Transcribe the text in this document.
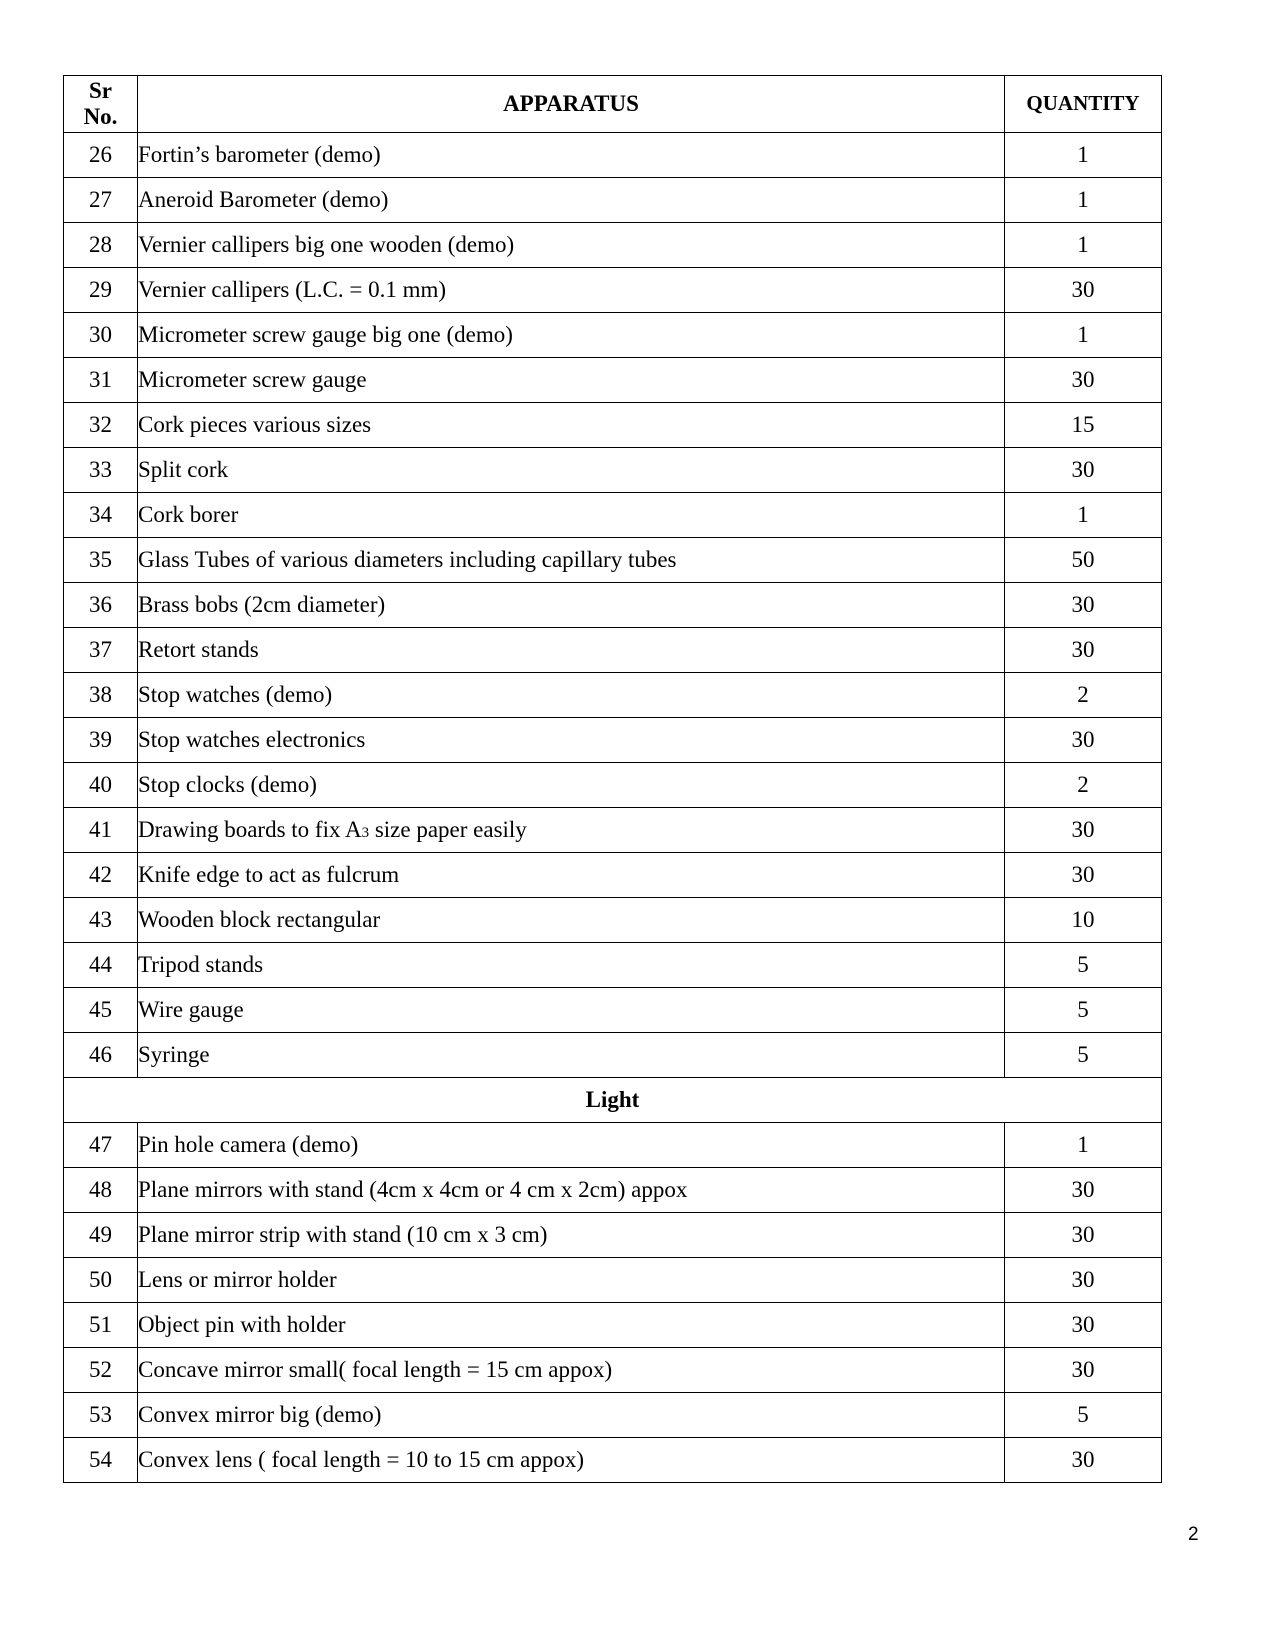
Sr
No.	APPARATUS	QUANTITY
26	Fortin’s barometer (demo)	1
27	Aneroid Barometer (demo)	1
28	Vernier callipers big one wooden (demo)	1
29	Vernier callipers (L.C. = 0.1 mm)	30
30	Micrometer screw gauge big one (demo)	1
31	Micrometer screw gauge	30
32	Cork pieces various sizes	15
33	Split cork	30
34	Cork borer	1
35	Glass Tubes of various diameters including capillary tubes	50
36	Brass bobs (2cm diameter)	30
37	Retort stands	30
38	Stop watches (demo)	2
39	Stop watches electronics	30
40	Stop clocks (demo)	2
41	Drawing boards to fix A3 size paper easily	30
42	Knife edge to act as fulcrum	30
43	Wooden block rectangular	10
44	Tripod stands	5
45	Wire gauge	5
46	Syringe	5
Light		
47	Pin hole camera (demo)	1
48	Plane mirrors with stand (4cm x 4cm or 4 cm x 2cm) appox	30
49	Plane mirror strip with stand (10 cm x 3 cm)	30
50	Lens or mirror holder	30
51	Object pin with holder	30
52	Concave mirror small( focal length = 15 cm appox)	30
53	Convex mirror big (demo)	5
54	Convex lens ( focal length = 10 to 15 cm appox)	30
2
